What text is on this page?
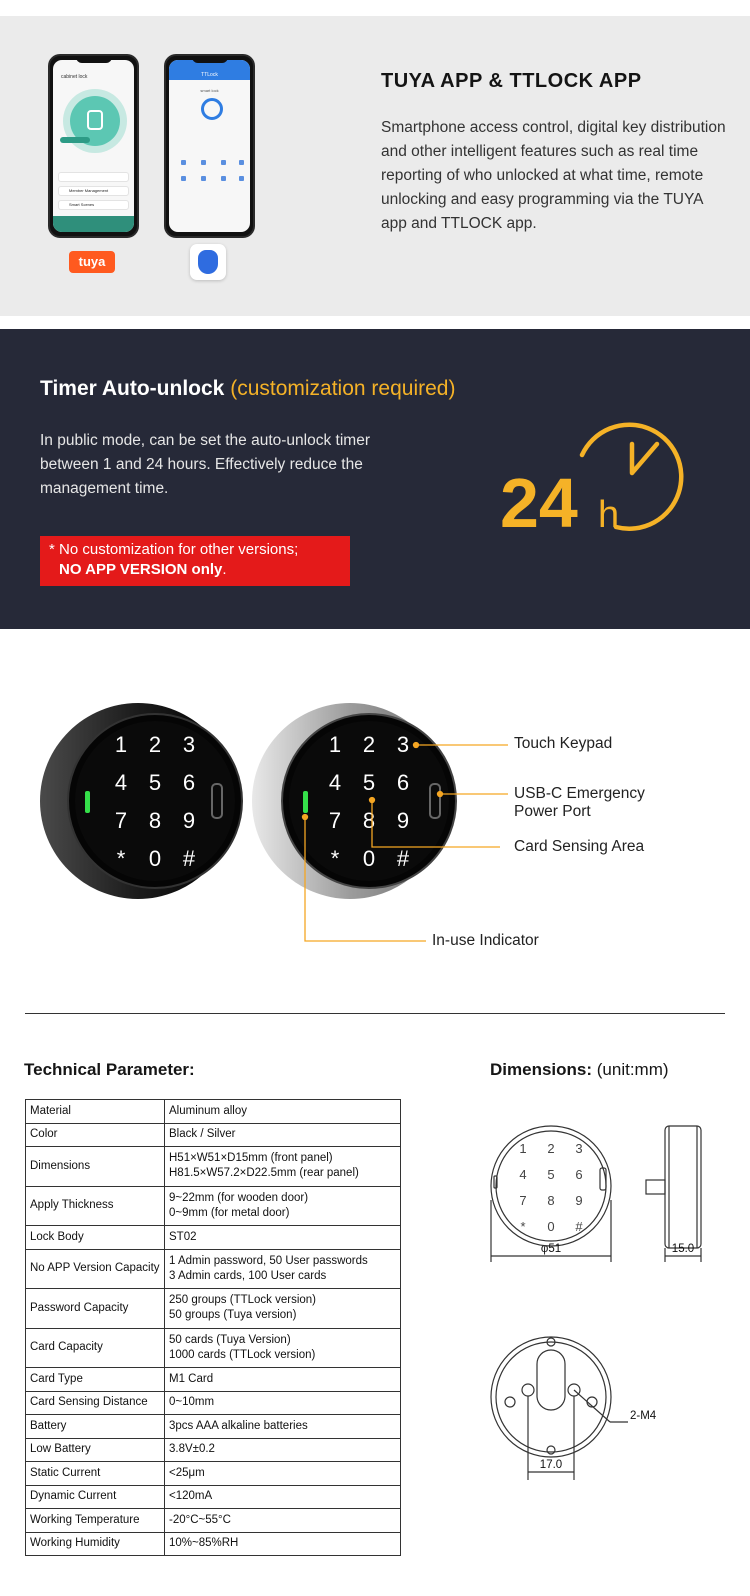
cabinet lock
Member Management
Smart Scenes
TTLock
smart lock
tuya
TUYA APP & TTLOCK APP
Smartphone access control, digital key distribution and other intelligent features such as real time reporting of who unlocked at what time, remote unlocking and easy programming via the TUYA app and TTLOCK app.
Timer Auto-unlock (customization required)
In public mode, can be set the auto-unlock timer between 1 and 24 hours. Effectively reduce the management time.
* No customization for other versions;
NO APP VERSION only.
24 h
1 2 3
4 5 6
7 8 9
* 0 #
1 2 3
4 5 6
7 8 9
* 0 #
Touch Keypad
USB-C Emergency
Power Port
Card Sensing Area
In-use Indicator
Technical Parameter:	Dimensions: (unit:mm)
Material	Aluminum alloy

Color	Black / Silver

Dimensions	H51×W51×D15mm (front panel)
H81.5×W57.2×D22.5mm (rear panel)

Apply Thickness	9~22mm (for wooden door)
0~9mm (for metal door)

Lock Body	ST02

No APP Version Capacity	1 Admin password, 50 User passwords
3 Admin cards, 100 User cards

Password Capacity	250 groups (TTLock version)
50 groups (Tuya version)

Card Capacity	50 cards (Tuya Version)
1000 cards (TTLock version)

Card Type	M1 Card

Card Sensing Distance	0~10mm

Battery	3pcs AAA alkaline batteries

Low Battery	3.8V±0.2

Static Current	<25μm

Dynamic Current	<120mA

Working Temperature	-20°C~55°C

Working Humidity	10%~85%RH
1 2 3
4 5 6
7 8 9
* 0 #
φ51	15.0
2-M4
17.0
